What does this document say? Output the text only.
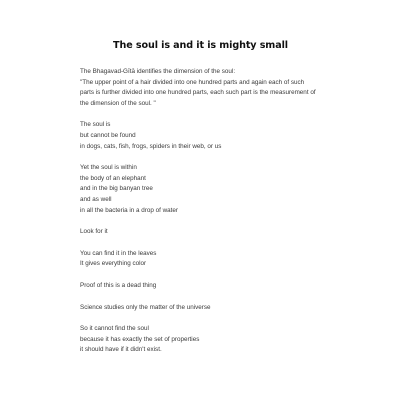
The soul is and it is mighty small
The Bhagavad-Gītā identifies the dimension of the soul:
"The upper point of a hair divided into one hundred parts and again each of such
parts is further divided into one hundred parts, each such part is the measurement of
the dimension of the soul. "
The soul is
but cannot be found
in dogs, cats, fish, frogs, spiders in their web, or us
Yet the soul is within
the body of an elephant
and in the big banyan tree
and as well
in all the bacteria in a drop of water
Look for it
You can find it in the leaves
It gives everything color
Proof of this is a dead thing
Science studies only the matter of the universe
So it cannot find the soul
because it has exactly the set of properties
it should have if it didn't exist.
